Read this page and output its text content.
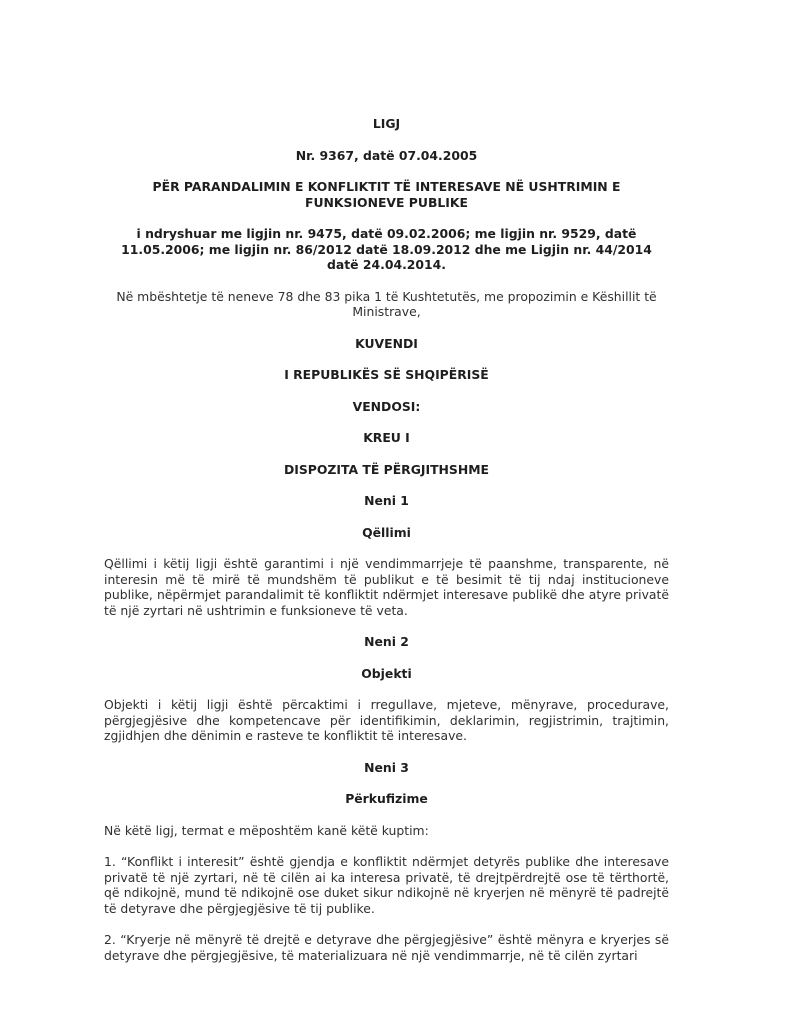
LIGJ
Nr. 9367, datë 07.04.2005
PËR PARANDALIMIN E KONFLIKTIT TË INTERESAVE NË USHTRIMIN E FUNKSIONEVE PUBLIKE
i ndryshuar me ligjin nr. 9475, datë 09.02.2006; me ligjin nr. 9529, datë 11.05.2006; me ligjin nr. 86/2012 datë 18.09.2012 dhe me Ligjin nr. 44/2014 datë 24.04.2014.
Në mbështetje të neneve 78 dhe 83 pika 1 të Kushtetutës, me propozimin e Këshillit të Ministrave,
KUVENDI
I REPUBLIKËS SË SHQIPËRISË
VENDOSI:
KREU I
DISPOZITA TË PËRGJITHSHME
Neni 1
Qëllimi

Qëllimi i këtij ligji është garantimi i një vendimmarrjeje të paanshme, transparente, në interesin më të mirë të mundshëm të publikut e të besimit të tij ndaj institucioneve publike, nëpërmjet parandalimit të konfliktit ndërmjet interesave publikë dhe atyre privatë të një zyrtari në ushtrimin e funksioneve të veta.

Neni 2
Objekti

Objekti i këtij ligji është përcaktimi i rregullave, mjeteve, mënyrave, procedurave, përgjegjësive dhe kompetencave për identifikimin, deklarimin, regjistrimin, trajtimin, zgjidhjen dhe dënimin e rasteve te konfliktit të interesave.

Neni 3
Përkufizime

Në këtë ligj, termat e mëposhtëm kanë këtë kuptim:

1. “Konflikt i interesit” është gjendja e konfliktit ndërmjet detyrës publike dhe interesave privatë të një zyrtari, në të cilën ai ka interesa privatë, të drejtpërdrejtë ose të tërthortë, që ndikojnë, mund të ndikojnë ose duket sikur ndikojnë në kryerjen në mënyrë të padrejtë të detyrave dhe përgjegjësive të tij publike.

2. “Kryerje në mënyrë të drejtë e detyrave dhe përgjegjësive” është mënyra e kryerjes së detyrave dhe përgjegjësive, të materializuara në një vendimmarrje, në të cilën zyrtari
